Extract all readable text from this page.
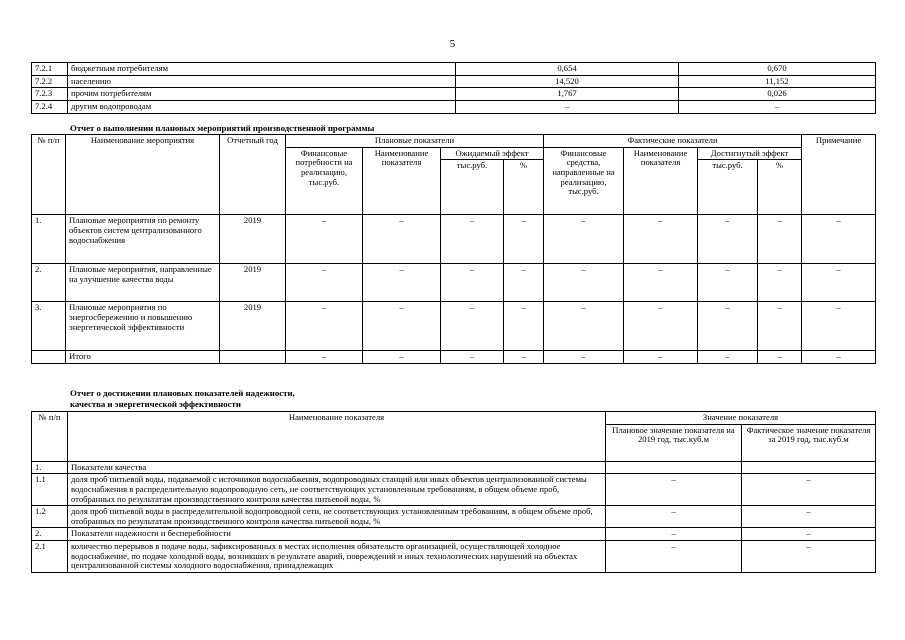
5
7.2.1	бюджетным потребителям	0,654	0,670
7.2.2	населению	14,520	11,152
7.2.3	прочим потребителям	1,767	0,026
7.2.4	другим водопроводам	–	–
Отчет о выполнении плановых мероприятий производственной программы
№ п/п	Наименование мероприятия	Отчетный год	Плановые показатели				Фактические показатели				Примечание
			Финансовые потребности на реализацию, тыс.руб.	Наименование показателя	Ожидаемый эффект		Финансовые средства, направленные на реализацию, тыс.руб.	Наименование показателя	Достигнутый эффект		
					тыс.руб.	%			тыс.руб.	%	
1.	Плановые мероприятия по ремонту объектов систем централизованного водоснабжения	2019	–	–	–	–	–	–	–	–	–
2.	Плановые мероприятия, направленные на улучшение качества воды	2019	–	–	–	–	–	–	–	–	–
3.	Плановые мероприятия по энергосбережению и повышению энергетической эффективности	2019	–	–	–	–	–	–	–	–	–
	Итого		–	–	–	–	–	–	–	–	–
Отчет о достижении плановых показателей надежности,
качества и энергетической эффективности
№ п/п	Наименование показателя	Значение показателя	
		Плановое значение показателя на 2019 год, тыс.куб.м	Фактическое значение показателя за 2019 год, тыс.куб.м
1.	Показатели качества		
1.1	доля проб питьевой воды, подаваемой с источников водоснабжения, водопроводных станций или иных объектов централизованной системы водоснабжения в распределительную водопроводную сеть, не соответствующих установленным требованиям, в общем объеме проб, отобранных по результатам производственного контроля качества питьевой воды, %	–	–
1.2	доля проб питьевой воды в распределительной водопроводной сети, не соответствующих установленным требованиям, в общем объеме проб, отобранных по результатам производственного контроля качества питьевой воды, %	–	–
2.	Показатели надежности и бесперебойности	–	–
2.1	количество перерывов в подаче воды, зафиксированных в местах исполнения обязательств организацией, осуществляющей холодное водоснабжение, по подаче холодной воды, возникших в результате аварий, повреждений и иных технологических нарушений на объектах централизованной системы холодного водоснабжения, принадлежащих	–	–
